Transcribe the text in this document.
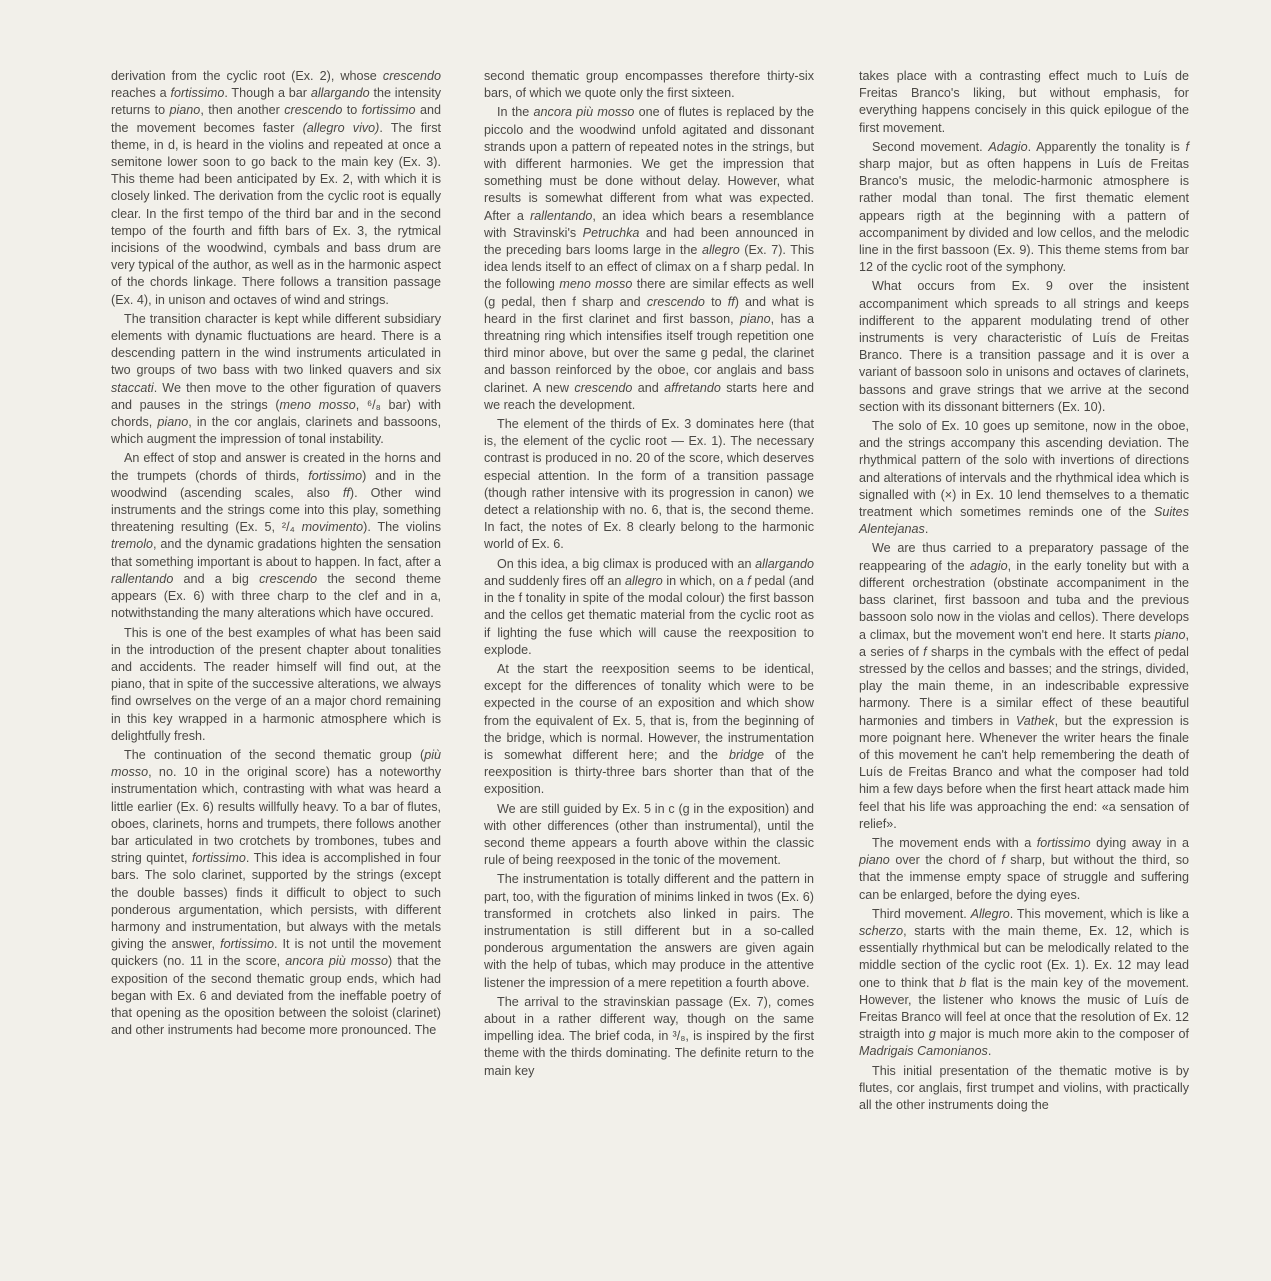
derivation from the cyclic root (Ex. 2), whose crescendo reaches a fortissimo. Though a bar allargando the intensity returns to piano, then another crescendo to fortissimo and the movement becomes faster (allegro vivo). The first theme, in d, is heard in the violins and repeated at once a semitone lower soon to go back to the main key (Ex. 3). This theme had been anticipated by Ex. 2, with which it is closely linked. The derivation from the cyclic root is equally clear. In the first tempo of the third bar and in the second tempo of the fourth and fifth bars of Ex. 3, the rytmical incisions of the woodwind, cymbals and bass drum are very typical of the author, as well as in the harmonic aspect of the chords linkage. There follows a transition passage (Ex. 4), in unison and octaves of wind and strings.

The transition character is kept while different subsidiary elements with dynamic fluctuations are heard. There is a descending pattern in the wind instruments articulated in two groups of two bass with two linked quavers and six staccati. We then move to the other figuration of quavers and pauses in the strings (meno mosso, ⁶/₈ bar) with chords, piano, in the cor anglais, clarinets and bassoons, which augment the impression of tonal instability.

An effect of stop and answer is created in the horns and the trumpets (chords of thirds, fortissimo) and in the woodwind (ascending scales, also ff). Other wind instruments and the strings come into this play, something threatening resulting (Ex. 5, ²/₄ movimento). The violins tremolo, and the dynamic gradations highten the sensation that something important is about to happen. In fact, after a rallentando and a big crescendo the second theme appears (Ex. 6) with three charp to the clef and in a, notwithstanding the many alterations which have occured.

This is one of the best examples of what has been said in the introduction of the present chapter about tonalities and accidents. The reader himself will find out, at the piano, that in spite of the successive alterations, we always find owrselves on the verge of an a major chord remaining in this key wrapped in a harmonic atmosphere which is delightfully fresh.

The continuation of the second thematic group (più mosso, no. 10 in the original score) has a noteworthy instrumentation which, contrasting with what was heard a little earlier (Ex. 6) results willfully heavy. To a bar of flutes, oboes, clarinets, horns and trumpets, there follows another bar articulated in two crotchets by trombones, tubes and string quintet, fortissimo. This idea is accomplished in four bars. The solo clarinet, supported by the strings (except the double basses) finds it difficult to object to such ponderous argumentation, which persists, with different harmony and instrumentation, but always with the metals giving the answer, fortissimo. It is not until the movement quickers (no. 11 in the score, ancora più mosso) that the exposition of the second thematic group ends, which had began with Ex. 6 and deviated from the ineffable poetry of that opening as the oposition between the soloist (clarinet) and other instruments had become more pronounced. The

second thematic group encompasses therefore thirty-six bars, of which we quote only the first sixteen.

In the ancora più mosso one of flutes is replaced by the piccolo and the woodwind unfold agitated and dissonant strands upon a pattern of repeated notes in the strings, but with different harmonies. We get the impression that something must be done without delay. However, what results is somewhat different from what was expected. After a rallentando, an idea which bears a resemblance with Stravinski's Petruchka and had been announced in the preceding bars looms large in the allegro (Ex. 7). This idea lends itself to an effect of climax on a f sharp pedal. In the following meno mosso there are similar effects as well (g pedal, then f sharp and crescendo to ff) and what is heard in the first clarinet and first basson, piano, has a threatning ring which intensifies itself trough repetition one third minor above, but over the same g pedal, the clarinet and basson reinforced by the oboe, cor anglais and bass clarinet. A new crescendo and affretando starts here and we reach the development.

The element of the thirds of Ex. 3 dominates here (that is, the element of the cyclic root — Ex. 1). The necessary contrast is produced in no. 20 of the score, which deserves especial attention. In the form of a transition passage (though rather intensive with its progression in canon) we detect a relationship with no. 6, that is, the second theme. In fact, the notes of Ex. 8 clearly belong to the harmonic world of Ex. 6.

On this idea, a big climax is produced with an allargando and suddenly fires off an allegro in which, on a f pedal (and in the f tonality in spite of the modal colour) the first basson and the cellos get thematic material from the cyclic root as if lighting the fuse which will cause the reexposition to explode.

At the start the reexposition seems to be identical, except for the differences of tonality which were to be expected in the course of an exposition and which show from the equivalent of Ex. 5, that is, from the beginning of the bridge, which is normal. However, the instrumentation is somewhat different here; and the bridge of the reexposition is thirty-three bars shorter than that of the exposition.

We are still guided by Ex. 5 in c (g in the exposition) and with other differences (other than instrumental), until the second theme appears a fourth above within the classic rule of being reexposed in the tonic of the movement.

The instrumentation is totally different and the pattern in part, too, with the figuration of minims linked in twos (Ex. 6) transformed in crotchets also linked in pairs. The instrumentation is still different but in a so-called ponderous argumentation the answers are given again with the help of tubas, which may produce in the attentive listener the impression of a mere repetition a fourth above.

The arrival to the stravinskian passage (Ex. 7), comes about in a rather different way, though on the same impelling idea. The brief coda, in ³/₈, is inspired by the first theme with the thirds dominating. The definite return to the main key

takes place with a contrasting effect much to Luís de Freitas Branco's liking, but without emphasis, for everything happens concisely in this quick epilogue of the first movement.

Second movement. Adagio. Apparently the tonality is f sharp major, but as often happens in Luís de Freitas Branco's music, the melodic-harmonic atmosphere is rather modal than tonal. The first thematic element appears rigth at the beginning with a pattern of accompaniment by divided and low cellos, and the melodic line in the first bassoon (Ex. 9). This theme stems from bar 12 of the cyclic root of the symphony.

What occurs from Ex. 9 over the insistent accompaniment which spreads to all strings and keeps indifferent to the apparent modulating trend of other instruments is very characteristic of Luís de Freitas Branco. There is a transition passage and it is over a variant of bassoon solo in unisons and octaves of clarinets, bassons and grave strings that we arrive at the second section with its dissonant bitterners (Ex. 10).

The solo of Ex. 10 goes up semitone, now in the oboe, and the strings accompany this ascending deviation. The rhythmical pattern of the solo with invertions of directions and alterations of intervals and the rhythmical idea which is signalled with (×) in Ex. 10 lend themselves to a thematic treatment which sometimes reminds one of the Suites Alentejanas.

We are thus carried to a preparatory passage of the reappearing of the adagio, in the early tonelity but with a different orchestration (obstinate accompaniment in the bass clarinet, first bassoon and tuba and the previous bassoon solo now in the violas and cellos). There develops a climax, but the movement won't end here. It starts piano, a series of f sharps in the cymbals with the effect of pedal stressed by the cellos and basses; and the strings, divided, play the main theme, in an indescribable expressive harmony. There is a similar effect of these beautiful harmonies and timbers in Vathek, but the expression is more poignant here. Whenever the writer hears the finale of this movement he can't help remembering the death of Luís de Freitas Branco and what the composer had told him a few days before when the first heart attack made him feel that his life was approaching the end: «a sensation of relief».

The movement ends with a fortissimo dying away in a piano over the chord of f sharp, but without the third, so that the immense empty space of struggle and suffering can be enlarged, before the dying eyes.

Third movement. Allegro. This movement, which is like a scherzo, starts with the main theme, Ex. 12, which is essentially rhythmical but can be melodically related to the middle section of the cyclic root (Ex. 1). Ex. 12 may lead one to think that b flat is the main key of the movement. However, the listener who knows the music of Luís de Freitas Branco will feel at once that the resolution of Ex. 12 straigth into g major is much more akin to the composer of Madrigais Camonianos.

This initial presentation of the thematic motive is by flutes, cor anglais, first trumpet and violins, with practically all the other instruments doing the
